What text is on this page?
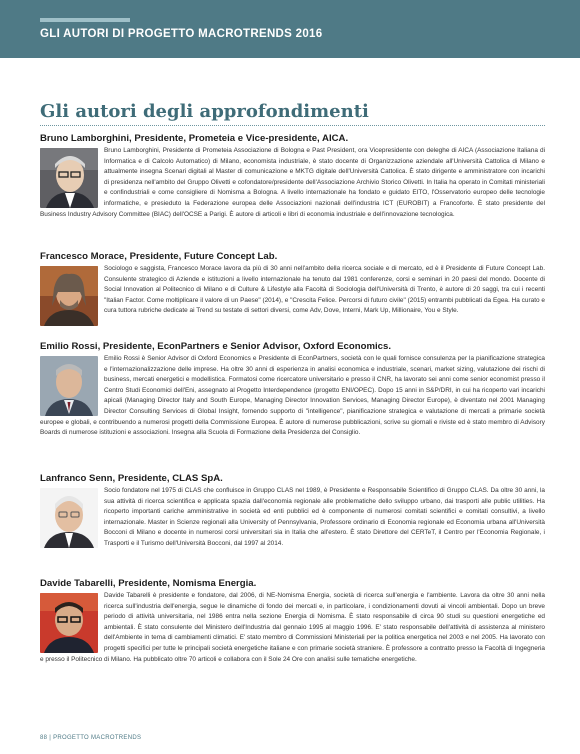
GLI AUTORI DI PROGETTO MACROTRENDS 2016
Gli autori degli approfondimenti
Bruno Lamborghini, Presidente, Prometeia e Vice-presidente, AICA.

Bruno Lamborghini, Presidente di Prometeia Associazione di Bologna e Past President, ora Vicepresidente con deleghe di AICA (Associazione Italiana di Informatica e di Calcolo Automatico) di Milano, economista industriale, è stato docente di Organizzazione aziendale all'Università Cattolica di Milano e attualmente insegna Scenari digitali al Master di comunicazione e MKTG digitale dell'Università Cattolica. È stato dirigente e amministratore con incarichi di presidenza nell'ambito del Gruppo Olivetti e cofondatore/presidente dell'Associazione Archivio Storico Olivetti. In Italia ha operato in Comitati ministeriali e confindustriali e come consigliere di Nomisma a Bologna. A livello internazionale ha fondato e guidato EITO, l'Osservatorio europeo delle tecnologie informatiche, e presieduto la Federazione europea delle Associazioni nazionali dell'industria ICT (EUROBIT) a Francoforte. È stato presidente del Business Industry Advisory Committee (BIAC) dell'OCSE a Parigi. È autore di articoli e libri di economia industriale e dell'innovazione tecnologica.

Francesco Morace, Presidente, Future Concept Lab.

Sociologo e saggista, Francesco Morace lavora da più di 30 anni nell'ambito della ricerca sociale e di mercato, ed è il Presidente di Future Concept Lab. Consulente strategico di Aziende e istituzioni a livello internazionale ha tenuto dal 1981 conferenze, corsi e seminari in 20 paesi del mondo. Docente di Social Innovation al Politecnico di Milano e di Culture & Lifestyle alla Facoltà di Sociologia dell'Università di Trento, è autore di 20 saggi, tra cui i recenti "Italian Factor. Come moltiplicare il valore di un Paese" (2014), e "Crescita Felice. Percorsi di futuro civile" (2015) entrambi pubblicati da Egea. Ha curato e cura tuttora rubriche dedicate ai Trend su testate di settori diversi, come Adv, Dove, Interni, Mark Up, Millionaire, You e Style.

Emilio Rossi, Presidente, EconPartners e Senior Advisor, Oxford Economics.

Emilio Rossi è Senior Advisor di Oxford Economics e Presidente di EconPartners, società con le quali fornisce consulenza per la pianificazione strategica e l'internazionalizzazione delle imprese. Ha oltre 30 anni di esperienza in analisi economica e industriale, scenari, market sizing, valutazione dei rischi di business, mercati energetici e modellistica. Formatosi come ricercatore universitario e presso il CNR, ha lavorato sei anni come senior economist presso il Centro Studi Economici dell'Eni, assegnato al Progetto Interdependence (progetto ENI/OPEC). Dopo 15 anni in S&P/DRI, in cui ha ricoperto vari incarichi apicali (Managing Director Italy and South Europe, Managing Director Innovation Services, Managing Director Europe), è diventato nel 2001 Managing Director Consulting Services di Global Insight, fornendo supporto di "intelligence", pianificazione strategica e valutazione di mercati a primarie società europee e globali, e contribuendo a numerosi progetti della Commissione Europea. È autore di numerose pubblicazioni, scrive su giornali e riviste ed è stato membro di Advisory Boards di numerose istituzioni e associazioni. Insegna alla Scuola di Formazione della Presidenza del Consiglio.

Lanfranco Senn, Presidente, CLAS SpA.

Socio fondatore nel 1975 di CLAS che confluisce in Gruppo CLAS nel 1989, è Presidente e Responsabile Scientifico di Gruppo CLAS. Da oltre 30 anni, la sua attività di ricerca scientifica e applicata spazia dall'economia regionale alle problematiche dello sviluppo urbano, dai trasporti alle public utilities. Ha ricoperto importanti cariche amministrative in società ed enti pubblici ed è componente di numerosi comitati scientifici e comitati consultivi, a livello internazionale. Master in Scienze regionali alla University of Pennsylvania, Professore ordinario di Economia regionale ed Economia urbana all'Università Bocconi di Milano e docente in numerosi corsi universitari sia in Italia che all'estero. È stato Direttore del CERTeT, il Centro per l'Economia Regionale, i Trasporti e il Turismo dell'Università Bocconi, dal 1997 al 2014.

Davide Tabarelli, Presidente, Nomisma Energia.

Davide Tabarelli è presidente e fondatore, dal 2006, di NE-Nomisma Energia, società di ricerca sull'energia e l'ambiente. Lavora da oltre 30 anni nella ricerca sull'industria dell'energia, segue le dinamiche di fondo dei mercati e, in particolare, i condizionamenti dovuti ai vincoli ambientali. Dopo un breve periodo di attività universitaria, nel 1986 entra nella sezione Energia di Nomisma. È stato responsabile di circa 90 studi su questioni energetiche ed ambientali. È stato consulente del Ministero dell'Industria dal gennaio 1995 al maggio 1996. E' stato responsabile dell'attività di assistenza al ministero dell'Ambiente in tema di cambiamenti climatici. E' stato membro di Commissioni Ministeriali per la politica energetica nel 2003 e nel 2005. Ha lavorato con progetti specifici per tutte le principali società energetiche italiane e con primarie società straniere. È professore a contratto presso la Facoltà di Ingegneria e presso il Politecnico di Milano. Ha pubblicato oltre 70 articoli e collabora con il Sole 24 Ore con analisi sulle tematiche energetiche.

88 | PROGETTO MACROTRENDS
